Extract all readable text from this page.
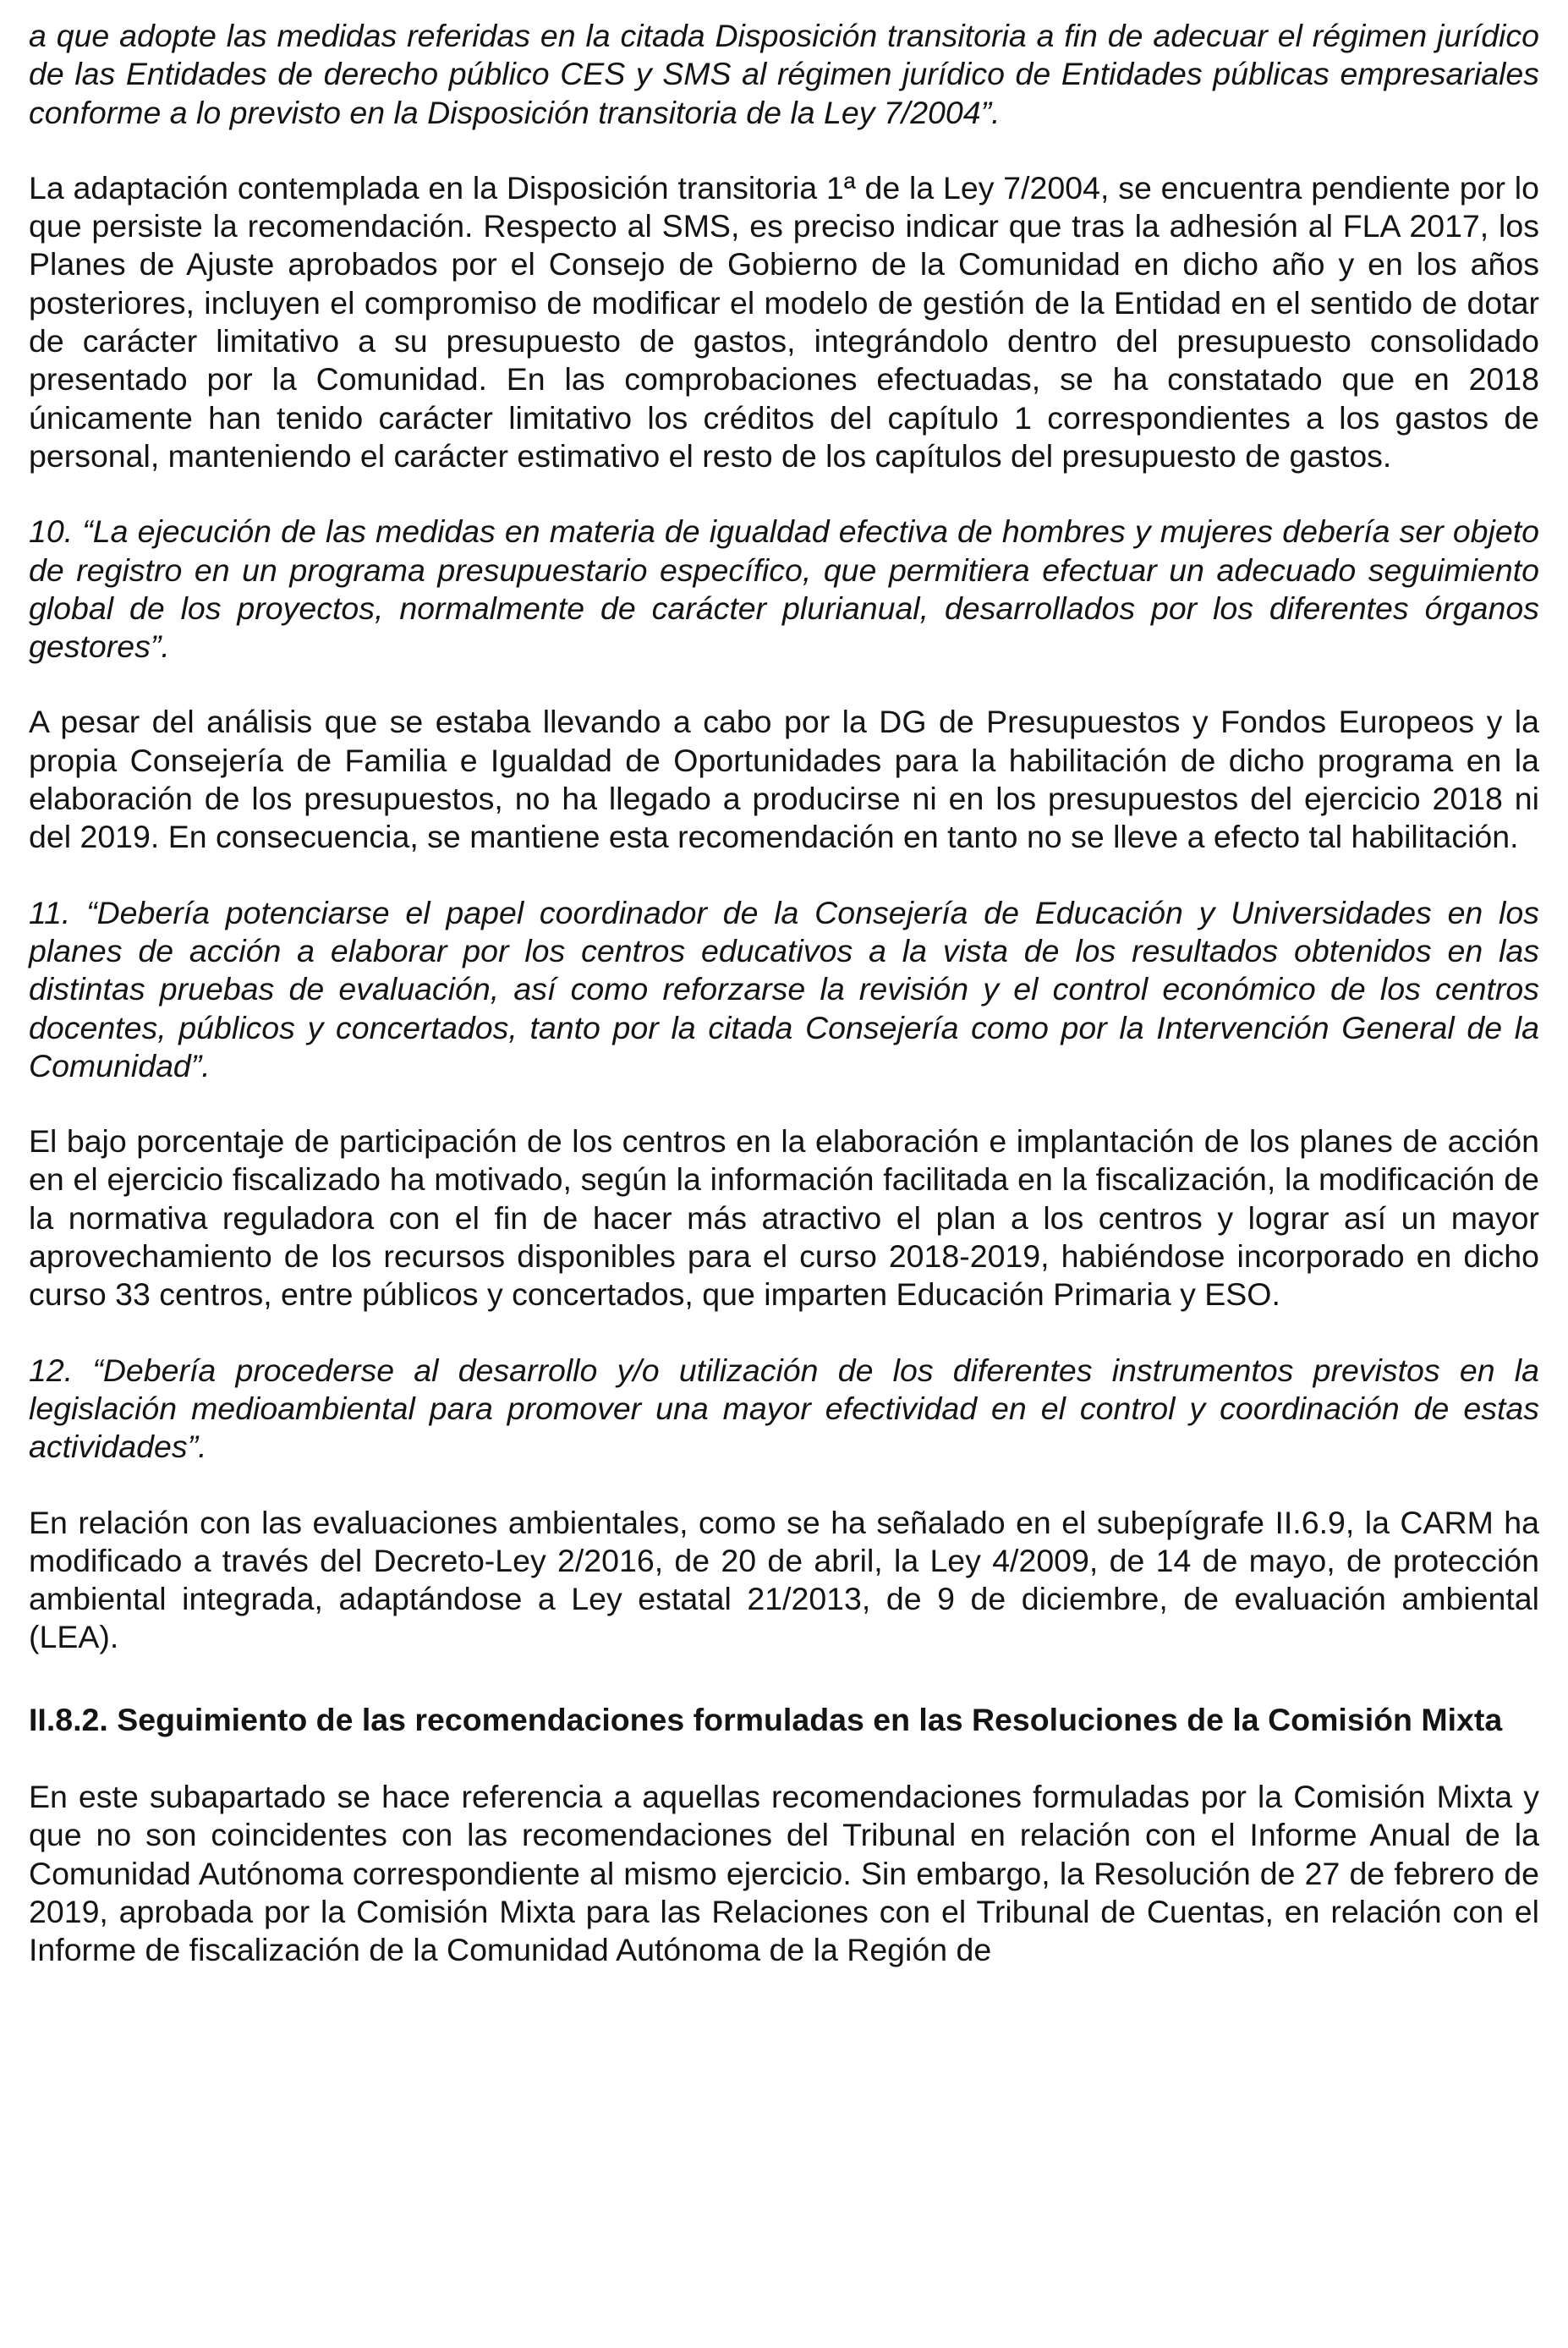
a que adopte las medidas referidas en la citada Disposición transitoria a fin de adecuar el régimen jurídico de las Entidades de derecho público CES y SMS al régimen jurídico de Entidades públicas empresariales conforme a lo previsto en la Disposición transitoria de la Ley 7/2004”.

La adaptación contemplada en la Disposición transitoria 1ª de la Ley 7/2004, se encuentra pendiente por lo que persiste la recomendación. Respecto al SMS, es preciso indicar que tras la adhesión al FLA 2017, los Planes de Ajuste aprobados por el Consejo de Gobierno de la Comunidad en dicho año y en los años posteriores, incluyen el compromiso de modificar el modelo de gestión de la Entidad en el sentido de dotar de carácter limitativo a su presupuesto de gastos, integrándolo dentro del presupuesto consolidado presentado por la Comunidad. En las comprobaciones efectuadas, se ha constatado que en 2018 únicamente han tenido carácter limitativo los créditos del capítulo 1 correspondientes a los gastos de personal, manteniendo el carácter estimativo el resto de los capítulos del presupuesto de gastos.

10. “La ejecución de las medidas en materia de igualdad efectiva de hombres y mujeres debería ser objeto de registro en un programa presupuestario específico, que permitiera efectuar un adecuado seguimiento global de los proyectos, normalmente de carácter plurianual, desarrollados por los diferentes órganos gestores”.

A pesar del análisis que se estaba llevando a cabo por la DG de Presupuestos y Fondos Europeos y la propia Consejería de Familia e Igualdad de Oportunidades para la habilitación de dicho programa en la elaboración de los presupuestos, no ha llegado a producirse ni en los presupuestos del ejercicio 2018 ni del 2019. En consecuencia, se mantiene esta recomendación en tanto no se lleve a efecto tal habilitación.

11. “Debería potenciarse el papel coordinador de la Consejería de Educación y Universidades en los planes de acción a elaborar por los centros educativos a la vista de los resultados obtenidos en las distintas pruebas de evaluación, así como reforzarse la revisión y el control económico de los centros docentes, públicos y concertados, tanto por la citada Consejería como por la Intervención General de la Comunidad”.

El bajo porcentaje de participación de los centros en la elaboración e implantación de los planes de acción en el ejercicio fiscalizado ha motivado, según la información facilitada en la fiscalización, la modificación de la normativa reguladora con el fin de hacer más atractivo el plan a los centros y lograr así un mayor aprovechamiento de los recursos disponibles para el curso 2018-2019, habiéndose incorporado en dicho curso 33 centros, entre públicos y concertados, que imparten Educación Primaria y ESO.

12. “Debería procederse al desarrollo y/o utilización de los diferentes instrumentos previstos en la legislación medioambiental para promover una mayor efectividad en el control y coordinación de estas actividades”.

En relación con las evaluaciones ambientales, como se ha señalado en el subepígrafe II.6.9, la CARM ha modificado a través del Decreto-Ley 2/2016, de 20 de abril, la Ley 4/2009, de 14 de mayo, de protección ambiental integrada, adaptándose a Ley estatal 21/2013, de 9 de diciembre, de evaluación ambiental (LEA).

II.8.2. Seguimiento de las recomendaciones formuladas en las Resoluciones de la Comisión Mixta

En este subapartado se hace referencia a aquellas recomendaciones formuladas por la Comisión Mixta y que no son coincidentes con las recomendaciones del Tribunal en relación con el Informe Anual de la Comunidad Autónoma correspondiente al mismo ejercicio. Sin embargo, la Resolución de 27 de febrero de 2019, aprobada por la Comisión Mixta para las Relaciones con el Tribunal de Cuentas, en relación con el Informe de fiscalización de la Comunidad Autónoma de la Región de
